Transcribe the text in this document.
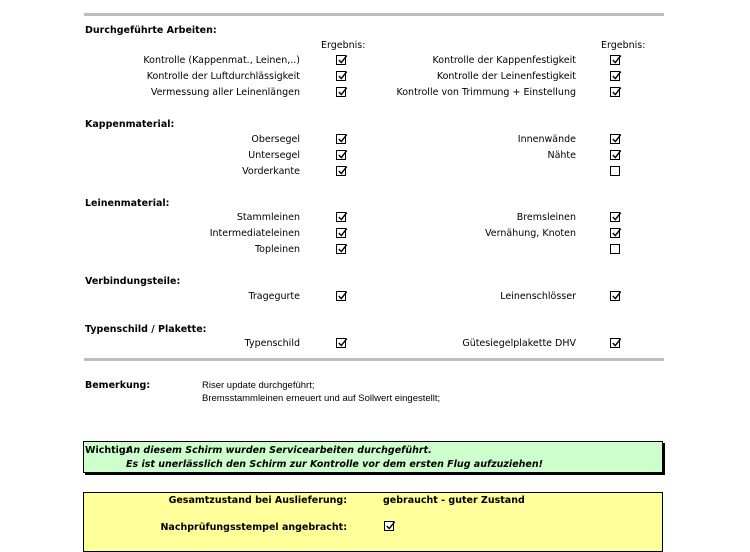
Durchgeführte Arbeiten:
Ergebnis:	Ergebnis:
Kontrolle (Kappenmat., Leinen,..)	Kontrolle der Kappenfestigkeit
Kontrolle der Luftdurchlässigkeit	Kontrolle der Leinenfestigkeit
Vermessung aller Leinenlängen	Kontrolle von Trimmung + Einstellung
Kappenmaterial:
Obersegel	Innenwände
Untersegel	Nähte
Vorderkante
Leinenmaterial:
Stammleinen	Bremsleinen
Intermediateleinen	Vernähung, Knoten
Topleinen
Verbindungsteile:
Tragegurte	Leinenschlösser
Typenschild / Plakette:
Typenschild	Gütesiegelplakette DHV
Bemerkung:	Riser update durchgeführt;
Bremsstammleinen erneuert und auf Sollwert eingestellt;
Wichtig:
An diesem Schirm wurden Servicearbeiten durchgeführt.
Es ist unerlässlich den Schirm zur Kontrolle vor dem ersten Flug aufzuziehen!
Gesamtzustand bei Auslieferung:	gebraucht - guter Zustand
Nachprüfungsstempel angebracht:
